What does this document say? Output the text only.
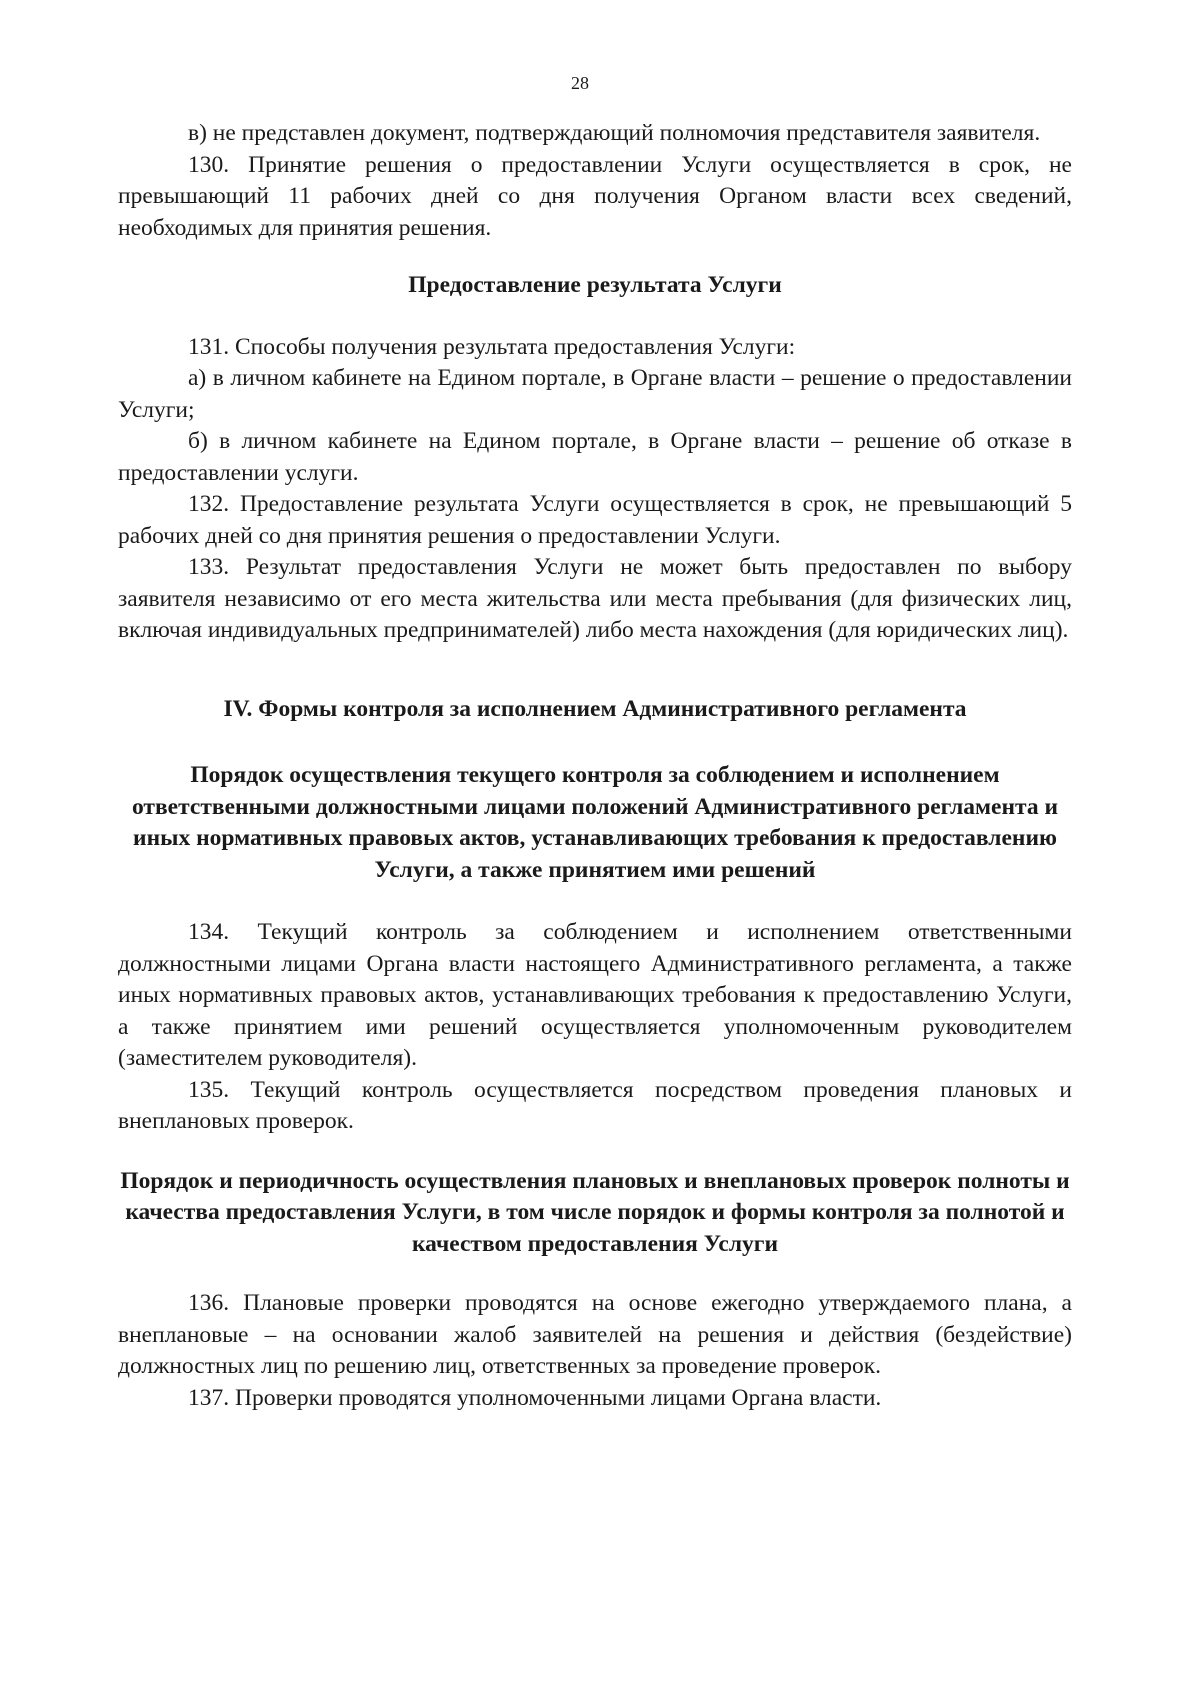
28

в) не представлен документ, подтверждающий полномочия представителя заявителя.

130. Принятие решения о предоставлении Услуги осуществляется в срок, не превышающий 11 рабочих дней со дня получения Органом власти всех сведений, необходимых для принятия решения.

Предоставление результата Услуги

131. Способы получения результата предоставления Услуги:

а) в личном кабинете на Едином портале, в Органе власти – решение о предоставлении Услуги;

б) в личном кабинете на Едином портале, в Органе власти – решение об отказе в предоставлении услуги.

132. Предоставление результата Услуги осуществляется в срок, не превышающий 5 рабочих дней со дня принятия решения о предоставлении Услуги.

133. Результат предоставления Услуги не может быть предоставлен по выбору заявителя независимо от его места жительства или места пребывания (для физических лиц, включая индивидуальных предпринимателей) либо места нахождения (для юридических лиц).

IV. Формы контроля за исполнением Административного регламента

Порядок осуществления текущего контроля за соблюдением и исполнением ответственными должностными лицами положений Административного регламента и иных нормативных правовых актов, устанавливающих требования к предоставлению Услуги, а также принятием ими решений

134. Текущий контроль за соблюдением и исполнением ответственными должностными лицами Органа власти настоящего Административного регламента, а также иных нормативных правовых актов, устанавливающих требования к предоставлению Услуги, а также принятием ими решений осуществляется уполномоченным руководителем (заместителем руководителя).

135. Текущий контроль осуществляется посредством проведения плановых и внеплановых проверок.

Порядок и периодичность осуществления плановых и внеплановых проверок полноты и качества предоставления Услуги, в том числе порядок и формы контроля за полнотой и качеством предоставления Услуги

136. Плановые проверки проводятся на основе ежегодно утверждаемого плана, а внеплановые – на основании жалоб заявителей на решения и действия (бездействие) должностных лиц по решению лиц, ответственных за проведение проверок.

137. Проверки проводятся уполномоченными лицами Органа власти.
